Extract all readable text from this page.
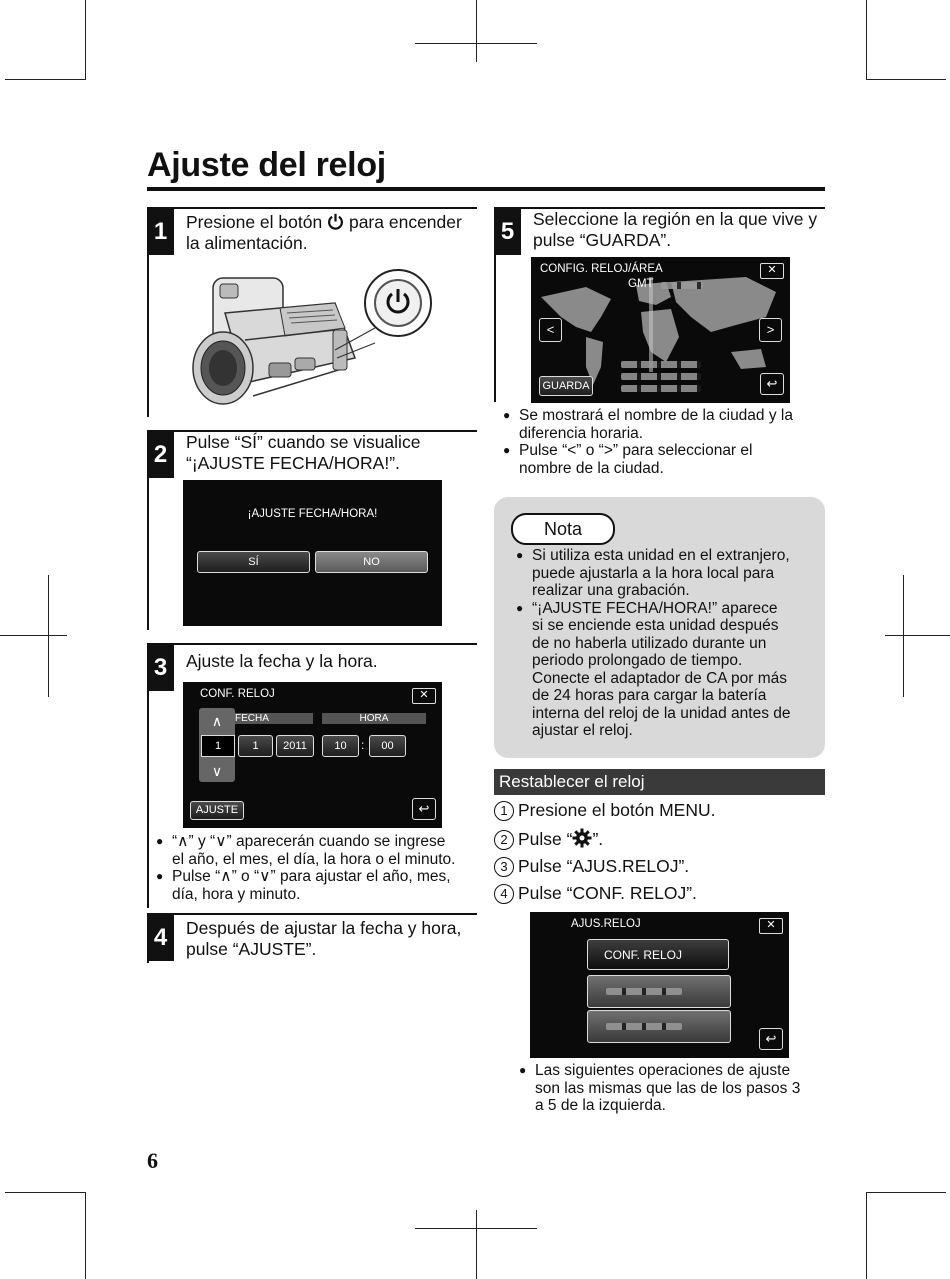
Ajuste del reloj
1	Presione el botón para encender
la alimentación.
2	Pulse “SÍ” cuando se visualice
“¡AJUSTE FECHA/HORA!”.
¡AJUSTE FECHA/HORA!
SÍ	NO
3	Ajuste la fecha y la hora.
CONF. RELOJ	✕
FECHA	HORA
∧
∨
1	1	2011	10	:	00
AJUSTE	↩
● “∧” y “∨” aparecerán cuando se ingrese
el año, el mes, el día, la hora o el minuto.
● Pulse “∧” o “∨” para ajustar el año, mes,
día, hora y minuto.
4	Después de ajustar la fecha y hora,
pulse “AJUSTE”.
5	Seleccione la región en la que vive y
pulse “GUARDA”.
CONFIG. RELOJ/ÁREA	✕
GMT
<	>
GUARDA	↩
● Se mostrará el nombre de la ciudad y la
diferencia horaria.
● Pulse “<” o “>” para seleccionar el
nombre de la ciudad.
Nota
● Si utiliza esta unidad en el extranjero,
puede ajustarla a la hora local para
realizar una grabación.
● “¡AJUSTE FECHA/HORA!” aparece
si se enciende esta unidad después
de no haberla utilizado durante un
periodo prolongado de tiempo.
Conecte el adaptador de CA por más
de 24 horas para cargar la batería
interna del reloj de la unidad antes de
ajustar el reloj.
Restablecer el reloj
1 Presione el botón MENU.
2 Pulse “ ”.
3 Pulse “AJUS.RELOJ”.
4 Pulse “CONF. RELOJ”.
AJUS.RELOJ	✕
CONF. RELOJ
↩
● Las siguientes operaciones de ajuste
son las mismas que las de los pasos 3
a 5 de la izquierda.
6
